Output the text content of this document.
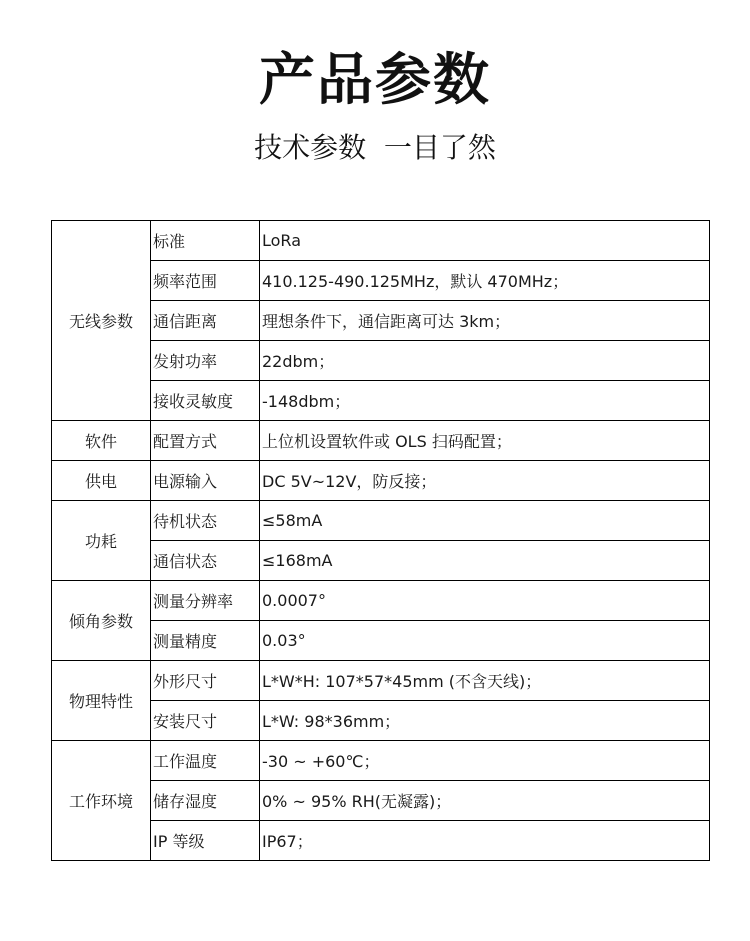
产品参数
技术参数  一目了然
无线参数	标准	LoRa
	频率范围	410.125-490.125MHz，默认 470MHz；
	通信距离	理想条件下，通信距离可达 3km；
	发射功率	22dbm；
	接收灵敏度	-148dbm；
软件	配置方式	上位机设置软件或 OLS 扫码配置；
供电	电源输入	DC 5V~12V，防反接；
功耗	待机状态	≤58mA
	通信状态	≤168mA
倾角参数	测量分辨率	0.0007°
	测量精度	0.03°
物理特性	外形尺寸	L*W*H: 107*57*45mm (不含天线)；
	安装尺寸	L*W: 98*36mm；
工作环境	工作温度	-30 ~ +60℃；
	储存湿度	0% ~ 95% RH(无凝露)；
	IP 等级	IP67；
